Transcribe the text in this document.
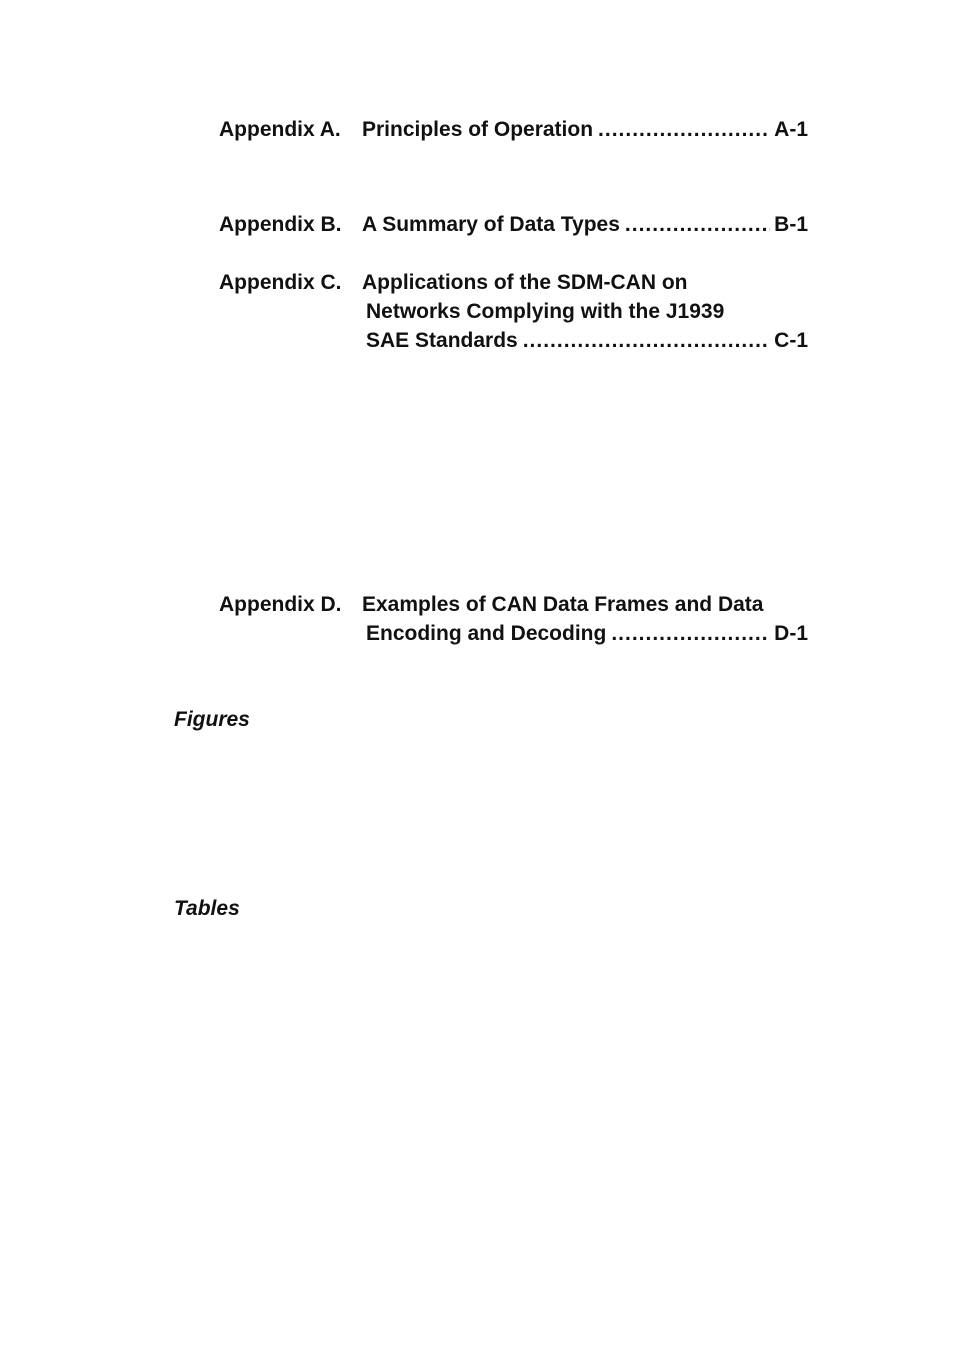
Appendix A. Principles of Operation .....	A-1
Appendix B. A Summary of Data Types .....	B-1
Appendix C. Applications of the SDM-CAN on
Networks Complying with the J1939
SAE Standards .....	C-1
Appendix D. Examples of CAN Data Frames and Data
Encoding and Decoding .....	D-1
Figures
Tables
